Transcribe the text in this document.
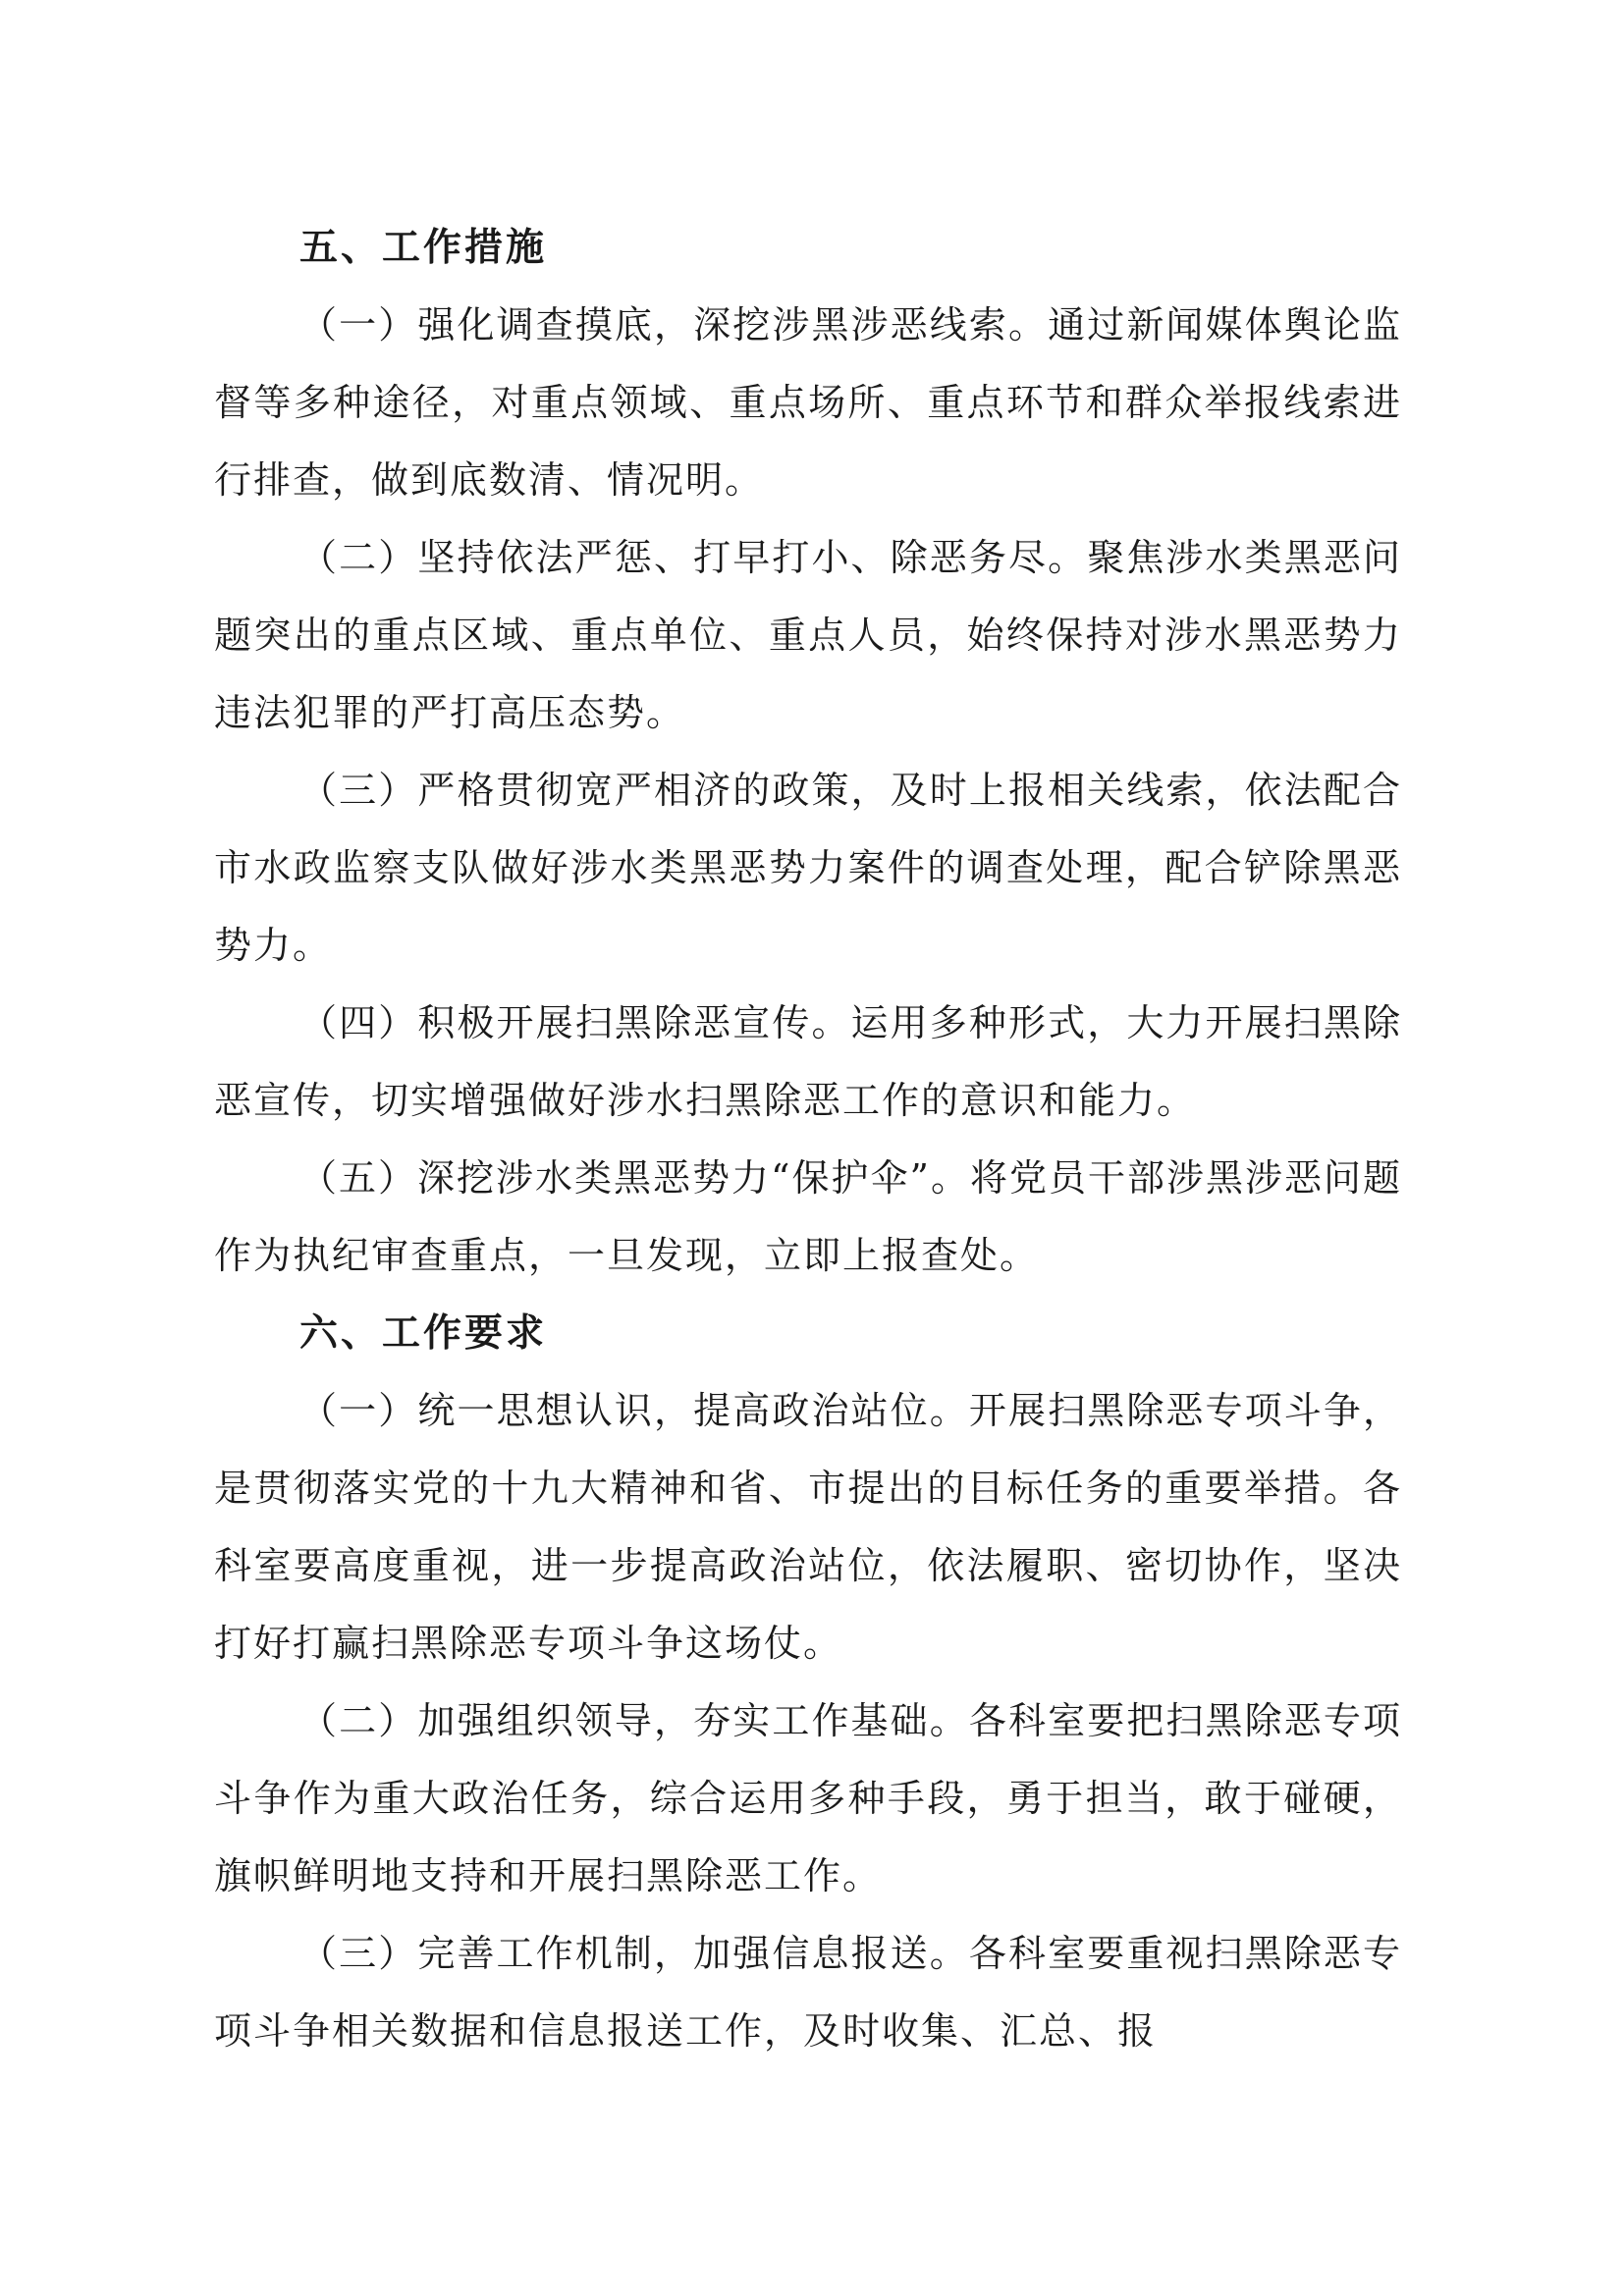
五、工作措施

（一）强化调查摸底，深挖涉黑涉恶线索。通过新闻媒体舆论监督等多种途径，对重点领域、重点场所、重点环节和群众举报线索进行排查，做到底数清、情况明。

（二）坚持依法严惩、打早打小、除恶务尽。聚焦涉水类黑恶问题突出的重点区域、重点单位、重点人员，始终保持对涉水黑恶势力违法犯罪的严打高压态势。

（三）严格贯彻宽严相济的政策，及时上报相关线索，依法配合市水政监察支队做好涉水类黑恶势力案件的调查处理，配合铲除黑恶势力。

（四）积极开展扫黑除恶宣传。运用多种形式，大力开展扫黑除恶宣传，切实增强做好涉水扫黑除恶工作的意识和能力。

（五）深挖涉水类黑恶势力“保护伞”。将党员干部涉黑涉恶问题作为执纪审查重点，一旦发现，立即上报查处。

六、工作要求

（一）统一思想认识，提高政治站位。开展扫黑除恶专项斗争，是贯彻落实党的十九大精神和省、市提出的目标任务的重要举措。各科室要高度重视，进一步提高政治站位，依法履职、密切协作，坚决打好打赢扫黑除恶专项斗争这场仗。

（二）加强组织领导，夯实工作基础。各科室要把扫黑除恶专项斗争作为重大政治任务，综合运用多种手段，勇于担当，敢于碰硬，旗帜鲜明地支持和开展扫黑除恶工作。

（三）完善工作机制，加强信息报送。各科室要重视扫黑除恶专项斗争相关数据和信息报送工作，及时收集、汇总、报
